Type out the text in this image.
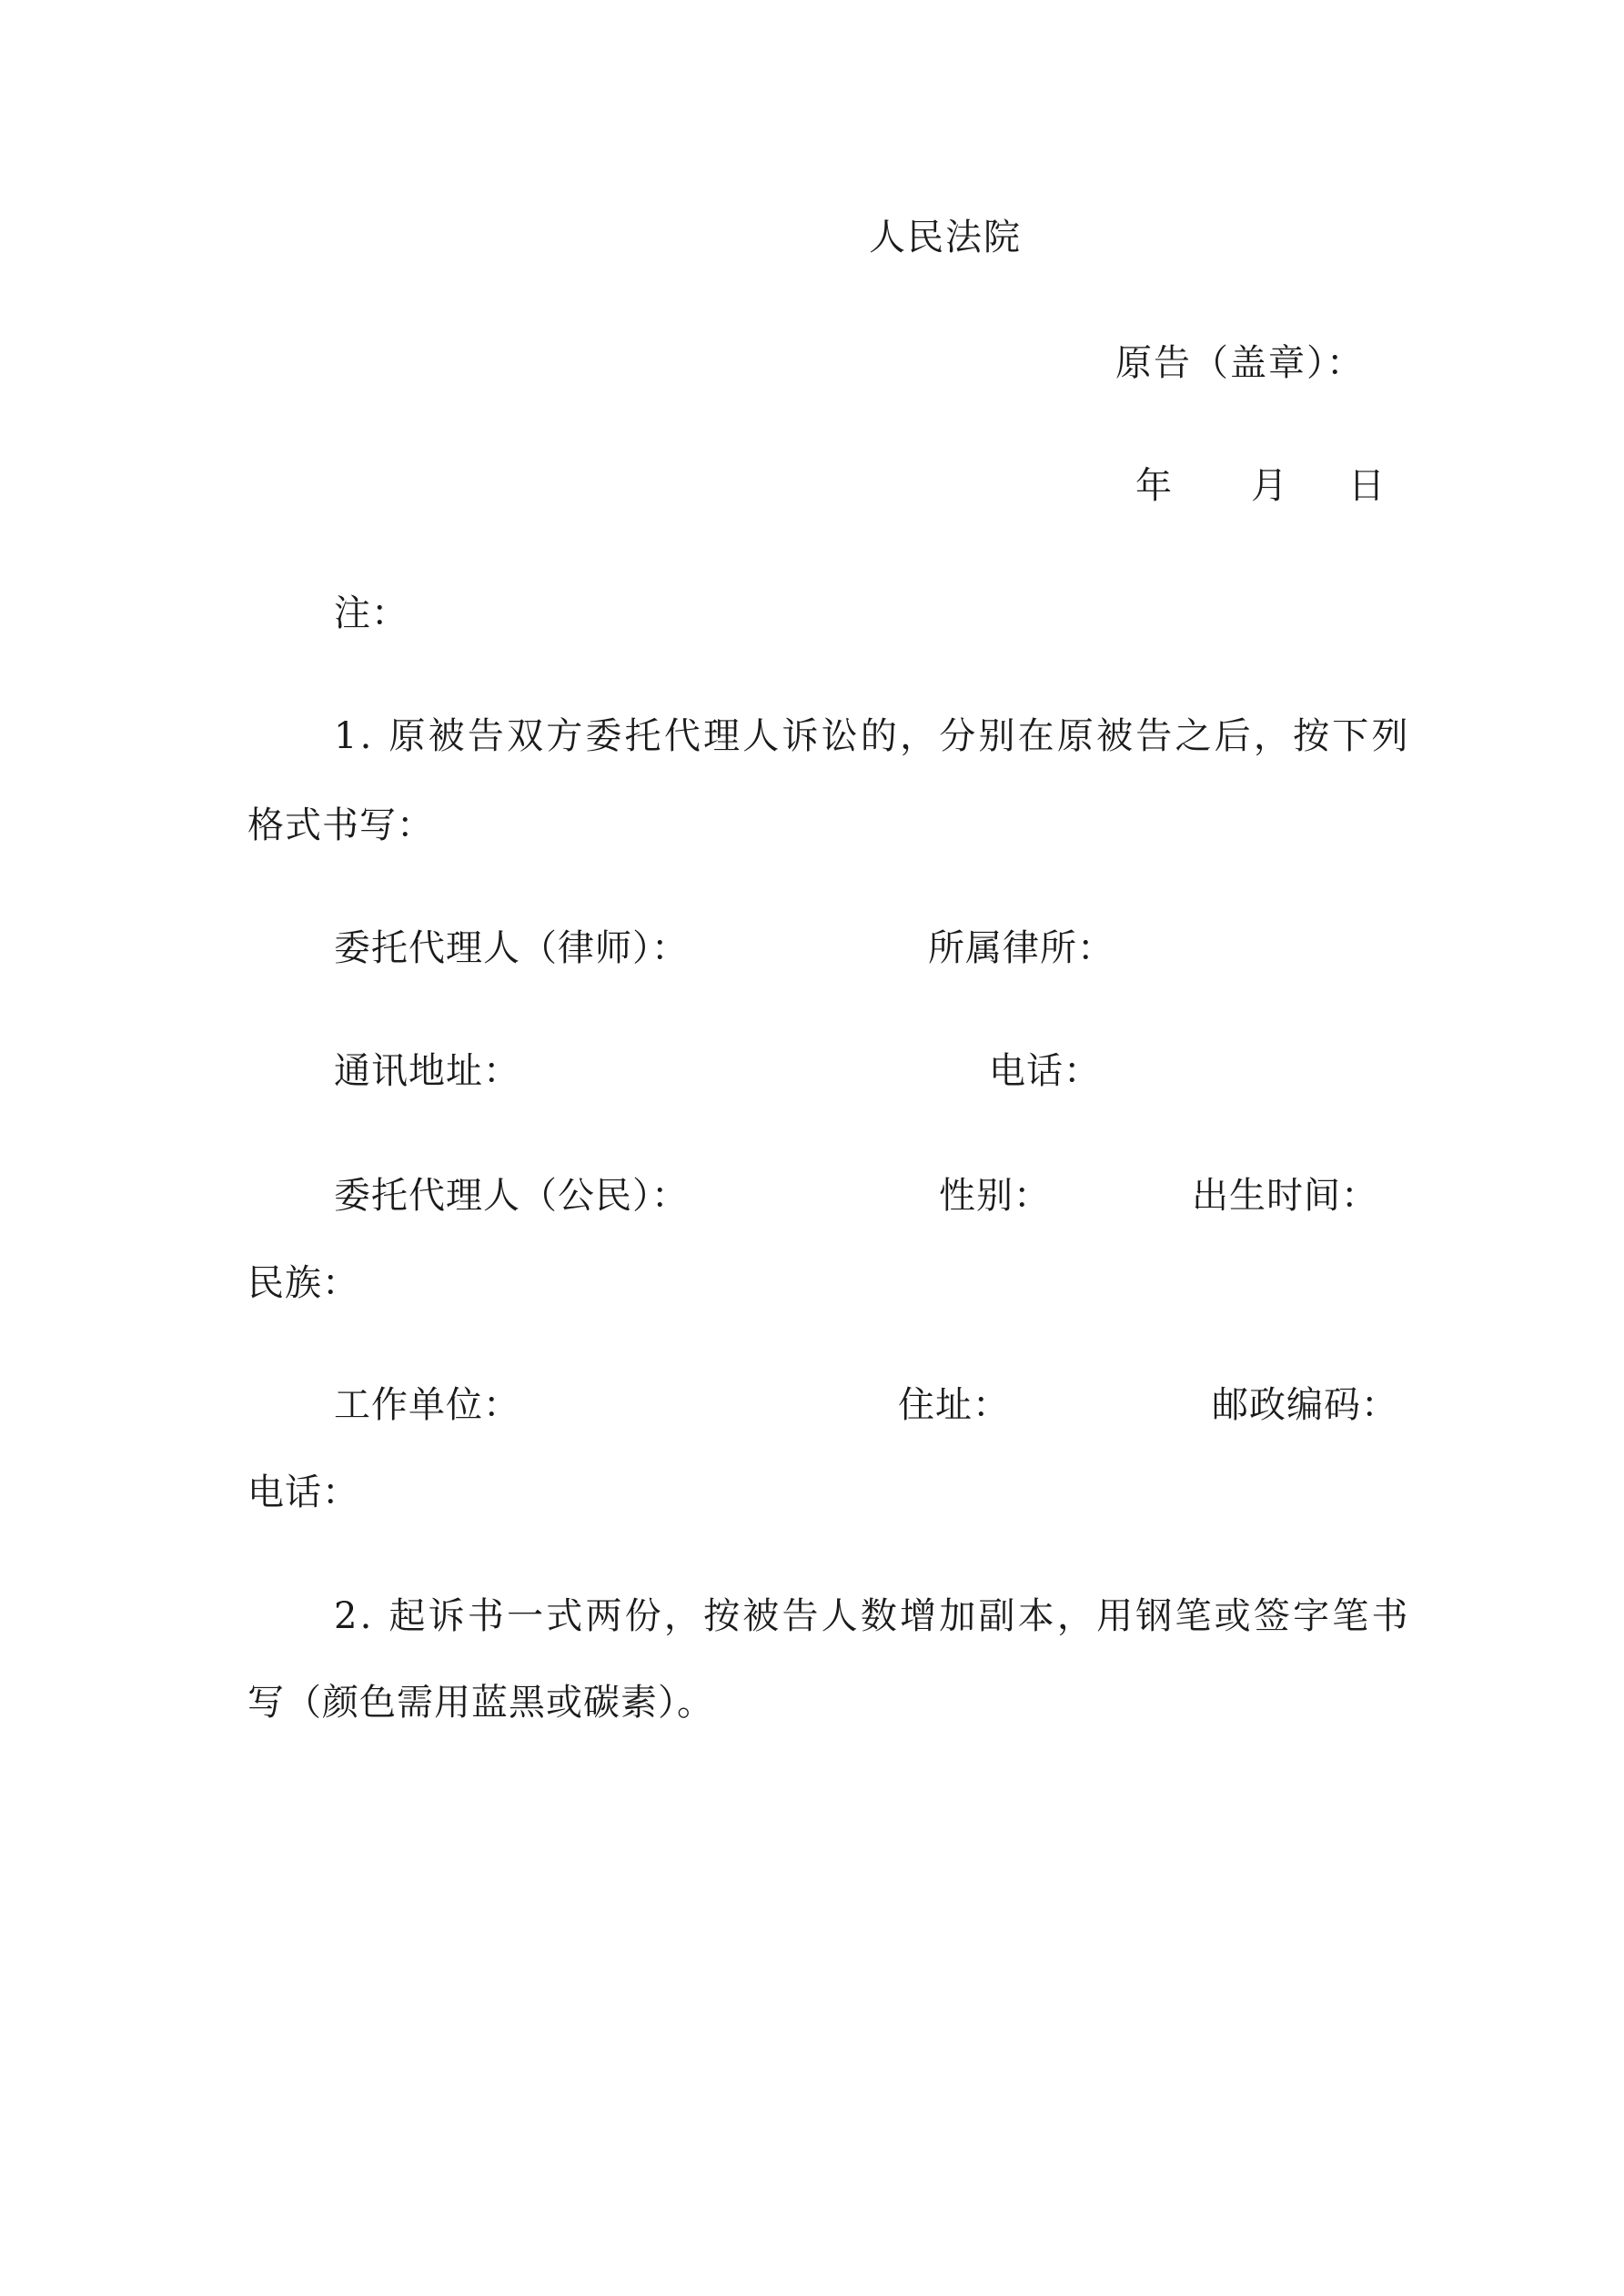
人民法院
原告（盖章）：
年 月 日
注：
1. 原被告双方委托代理人诉讼的，分别在原被告之后，按下列
格式书写：
委托代理人（律师）：	所属律所：
通讯地址：	电话：
委托代理人（公民）：	性别：	出生时间：
民族：
工作单位：	住址：	邮政编码：
电话：
2. 起诉书一式两份，按被告人数增加副本，用钢笔或签字笔书
写（颜色需用蓝黑或碳素）。
